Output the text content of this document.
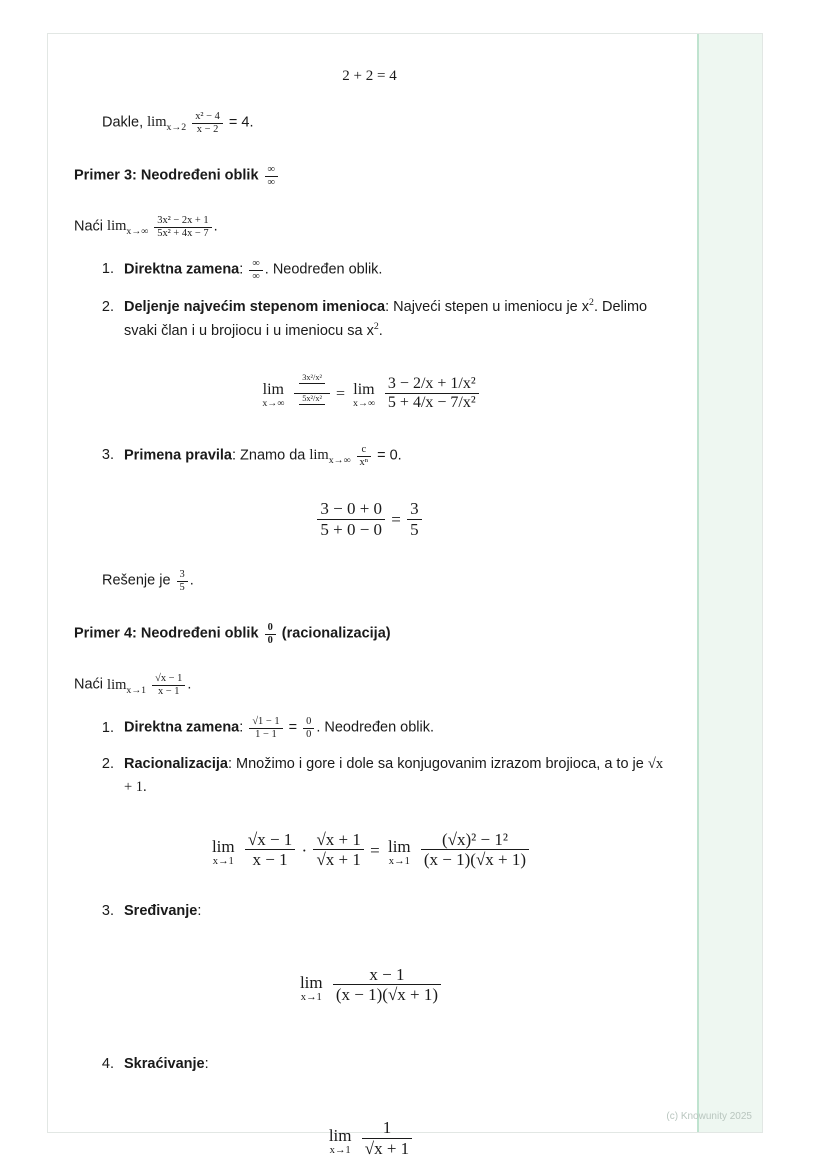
2 + 2 = 4
Dakle, $\lim_{x\to 2} \frac{\text{x² − 4}}{x - 2} = 4$.
Primer 3: Neodređeni oblik $\frac{\infty}{\infty}$
Naći $\lim_{x\to\infty} \frac{\text{3x² − 2x + 1}}{\text{5x² + 4x − 7}}$ .
1. Direktna zamena: $\frac{\infty}{\infty}$ . Neodređen oblik.
2. Deljenje najvećim stepenom imenioca: Najveći stepen u imeniocu je $x^2$. Delimo svaki član i u brojiocu i u imeniocu sa $x^2$.
lim
x→∞
$\frac{\text{3x²/x²}}{\text{5x²/x²}}$
= lim
x→∞
$\frac{\text{3 − 2/x + 1/x²}}{\text{5 + 4/x − 7/x²}}$
3. Primena pravila: Znamo da $\lim_{x\to\infty} \frac{c}{\text{xⁿ}} = 0$.
$\frac{3 - 0 + 0}{5 + 0 - 0} = \frac{3}{5}$
Rešenje je $\frac{3}{5}$ .
Primer 4: Neodređeni oblik $\frac{0}{0}$ (racionalizacija)
Naći $\lim_{x\to 1} \frac{√x - 1}{x - 1}$ .
1. Direktna zamena: $\frac{√1 - 1}{1 - 1} = \frac{0}{0}$ . Neodređen oblik.
2. Racionalizacija: Množimo i gore i dole sa konjugovanim izrazom brojioca, a to je √x + 1.
lim
x→1
$\frac{√x - 1}{x - 1} \cdot \frac{√x + 1}{√x + 1} = \lim$
x→1
$\frac{\text{(√x)² − 1²}}{(x - 1)(√x + 1)}$
3. Sređivanje:
lim
x→1
$\frac{x - 1}{(x - 1)(√x + 1)}$
4. Skraćivanje:
lim
x→1
$\frac{1}{√x + 1}$
(c) Knowunity 2025
